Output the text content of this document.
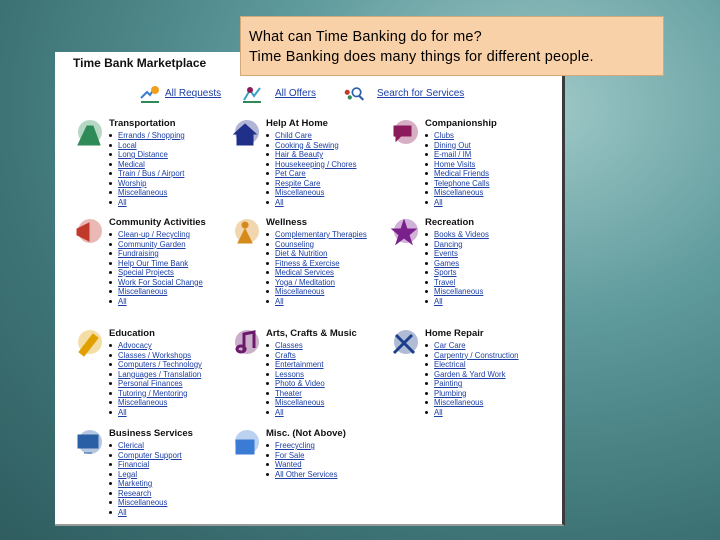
What can Time Banking do for me?
Time Banking does many things for different people.
Time Bank Marketplace
All Requests	All Offers	Search for Services
Transportation
Errands / Shopping
Local
Long Distance
Medical
Train / Bus / Airport
Worship
Miscellaneous
All
Help At Home
Child Care
Cooking & Sewing
Hair & Beauty
Housekeeping / Chores
Pet Care
Respite Care
Miscellaneous
All
Companionship
Clubs
Dining Out
E-mail / IM
Home Visits
Medical Friends
Telephone Calls
Miscellaneous
All
Community Activities
Clean-up / Recycling
Community Garden
Fundraising
Help Our Time Bank
Special Projects
Work For Social Change
Miscellaneous
All
Wellness
Complementary Therapies
Counseling
Diet & Nutrition
Fitness & Exercise
Medical Services
Yoga / Meditation
Miscellaneous
All
Recreation
Books & Videos
Dancing
Events
Games
Sports
Travel
Miscellaneous
All
Education
Advocacy
Classes / Workshops
Computers / Technology
Languages / Translation
Personal Finances
Tutoring / Mentoring
Miscellaneous
All
Arts, Crafts & Music
Classes
Crafts
Entertainment
Lessons
Photo & Video
Theater
Miscellaneous
All
Home Repair
Car Care
Carpentry / Construction
Electrical
Garden & Yard Work
Painting
Plumbing
Miscellaneous
All
Business Services
Clerical
Computer Support
Financial
Legal
Marketing
Research
Miscellaneous
All
Misc. (Not Above)
Freecycling
For Sale
Wanted
All Other Services
